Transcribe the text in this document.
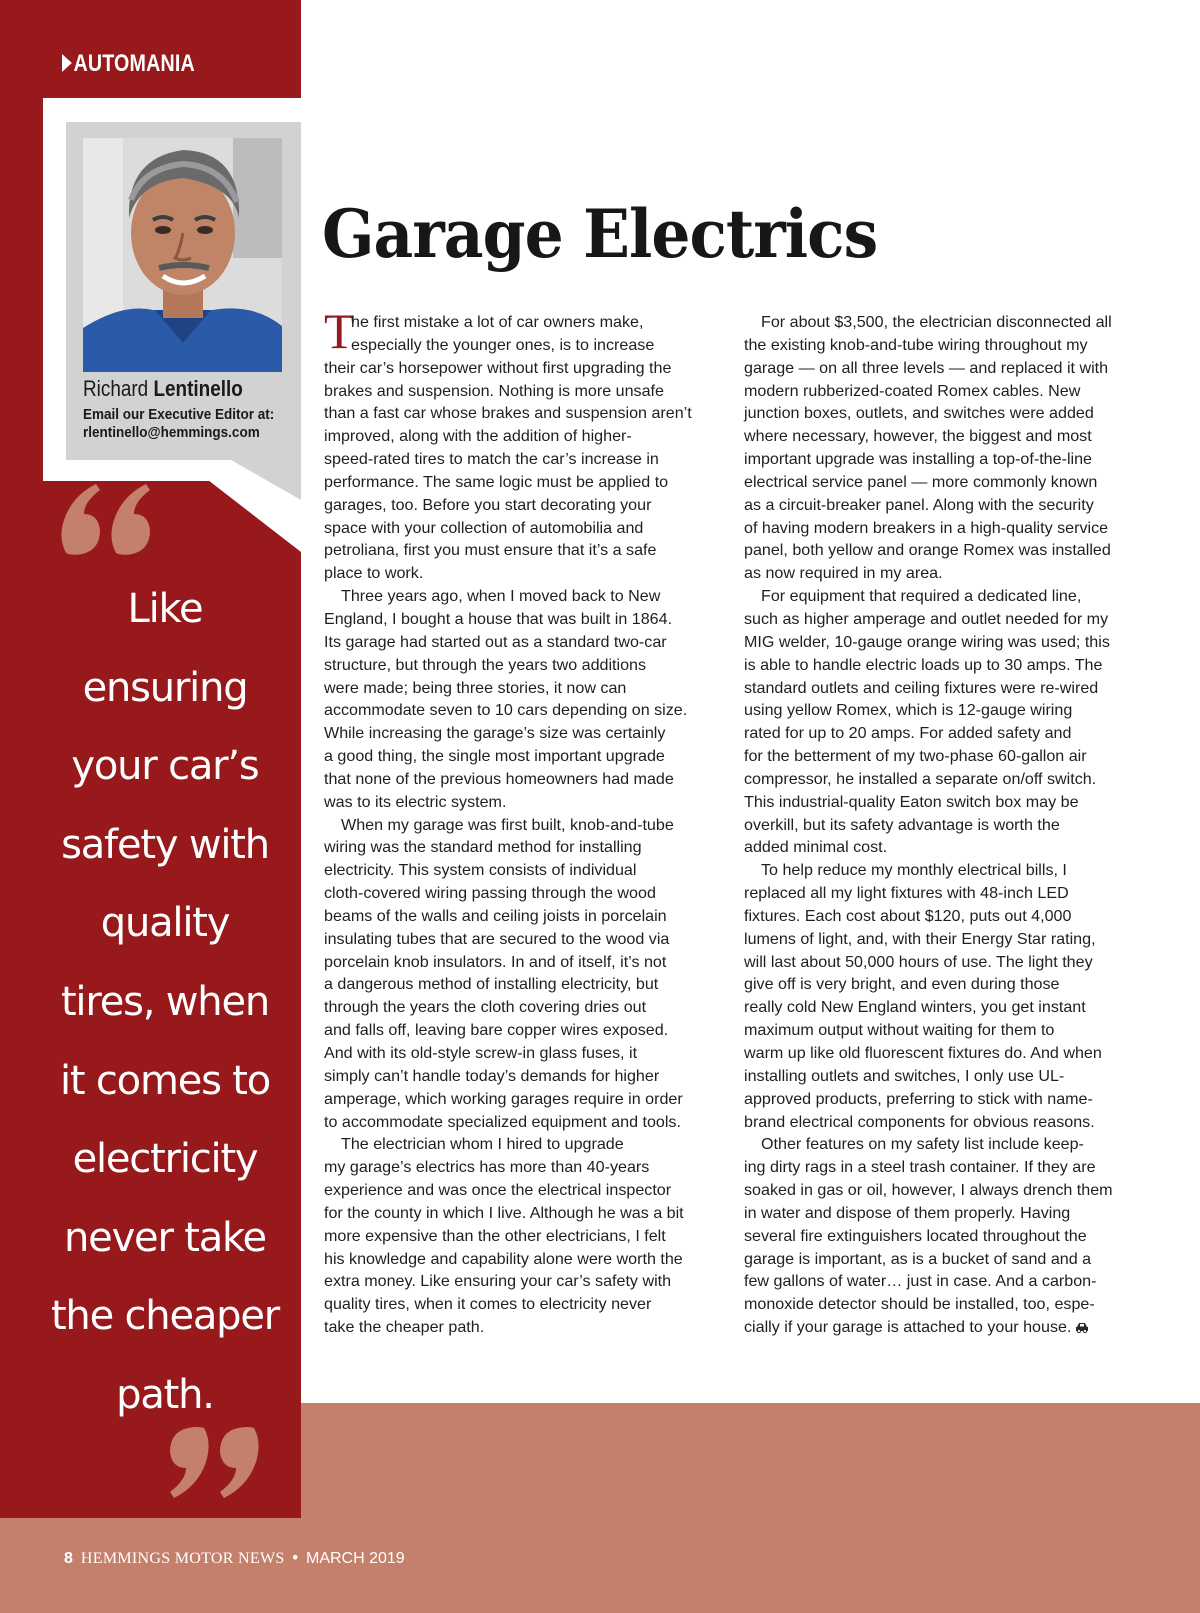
AUTOMANIA
Richard Lentinello
Email our Executive Editor at:
rlentinello@hemmings.com
Like
ensuring
your car’s
safety with
quality
tires, when
it comes to
electricity
never take
the cheaper
path.
Garage Electrics
T
he first mistake a lot of car owners make,
especially the younger ones, is to increase
their car’s horsepower without first upgrading the
brakes and suspension. Nothing is more unsafe
than a fast car whose brakes and suspension aren’t
improved, along with the addition of higher-
speed-rated tires to match the car’s increase in
performance. The same logic must be applied to
garages, too. Before you start decorating your
space with your collection of automobilia and
petroliana, first you must ensure that it’s a safe
place to work.
Three years ago, when I moved back to New
England, I bought a house that was built in 1864.
Its garage had started out as a standard two-car
structure, but through the years two additions
were made; being three stories, it now can
accommodate seven to 10 cars depending on size.
While increasing the garage’s size was certainly
a good thing, the single most important upgrade
that none of the previous homeowners had made
was to its electric system.
When my garage was first built, knob-and-tube
wiring was the standard method for installing
electricity. This system consists of individual
cloth-covered wiring passing through the wood
beams of the walls and ceiling joists in porcelain
insulating tubes that are secured to the wood via
porcelain knob insulators. In and of itself, it’s not
a dangerous method of installing electricity, but
through the years the cloth covering dries out
and falls off, leaving bare copper wires exposed.
And with its old-style screw-in glass fuses, it
simply can’t handle today’s demands for higher
amperage, which working garages require in order
to accommodate specialized equipment and tools.
The electrician whom I hired to upgrade
my garage’s electrics has more than 40-years
experience and was once the electrical inspector
for the county in which I live. Although he was a bit
more expensive than the other electricians, I felt
his knowledge and capability alone were worth the
extra money. Like ensuring your car’s safety with
quality tires, when it comes to electricity never
take the cheaper path.
For about $3,500, the electrician disconnected all
the existing knob-and-tube wiring throughout my
garage — on all three levels — and replaced it with
modern rubberized-coated Romex cables. New
junction boxes, outlets, and switches were added
where necessary, however, the biggest and most
important upgrade was installing a top-of-the-line
electrical service panel — more commonly known
as a circuit-breaker panel. Along with the security
of having modern breakers in a high-quality service
panel, both yellow and orange Romex was installed
as now required in my area.
For equipment that required a dedicated line,
such as higher amperage and outlet needed for my
MIG welder, 10-gauge orange wiring was used; this
is able to handle electric loads up to 30 amps. The
standard outlets and ceiling fixtures were re-wired
using yellow Romex, which is 12-gauge wiring
rated for up to 20 amps. For added safety and
for the betterment of my two-phase 60-gallon air
compressor, he installed a separate on/off switch.
This industrial-quality Eaton switch box may be
overkill, but its safety advantage is worth the
added minimal cost.
To help reduce my monthly electrical bills, I
replaced all my light fixtures with 48-inch LED
fixtures. Each cost about $120, puts out 4,000
lumens of light, and, with their Energy Star rating,
will last about 50,000 hours of use. The light they
give off is very bright, and even during those
really cold New England winters, you get instant
maximum output without waiting for them to
warm up like old fluorescent fixtures do. And when
installing outlets and switches, I only use UL-
approved products, preferring to stick with name-
brand electrical components for obvious reasons.
Other features on my safety list include keep-
ing dirty rags in a steel trash container. If they are
soaked in gas or oil, however, I always drench them
in water and dispose of them properly. Having
several fire extinguishers located throughout the
garage is important, as is a bucket of sand and a
few gallons of water… just in case. And a carbon-
monoxide detector should be installed, too, espe-
cially if your garage is attached to your house.
8 HEMMINGS MOTOR NEWS • MARCH 2019
